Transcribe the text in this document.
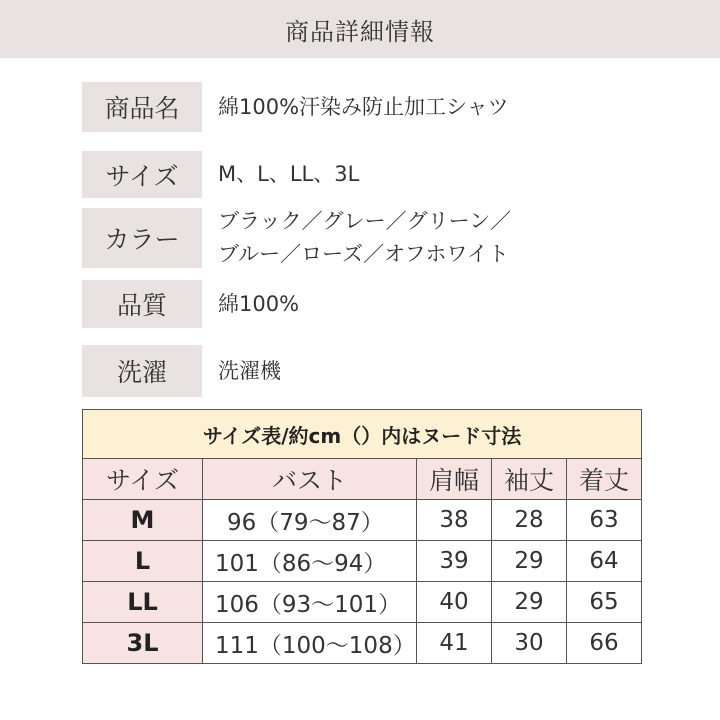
商品詳細情報
商品名	綿100%汗染み防止加工シャツ
サイズ	M、L、LL、3L
カラー
ブラック／グレー／グリーン／
ブルー／ローズ／オフホワイト
品質	綿100%
洗濯	洗濯機
サイズ表/約cm（）内はヌード寸法				
サイズ	バスト	肩幅	袖丈	着丈
M	96（79〜87）	38	28	63
L	101（86〜94）	39	29	64
LL	106（93〜101）	40	29	65
3L	111（100〜108）	41	30	66
